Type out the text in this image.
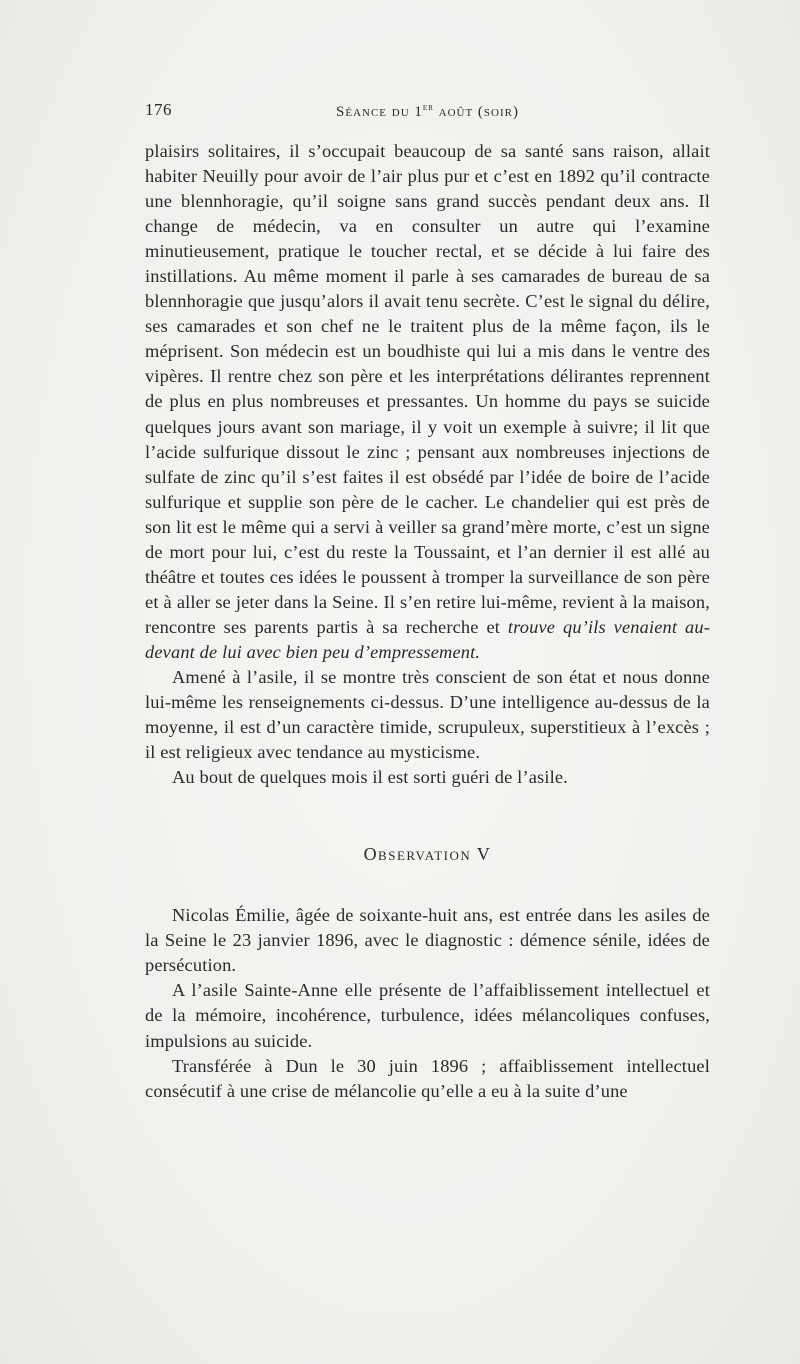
176	Séance du 1er août (soir)

plaisirs solitaires, il s’occupait beaucoup de sa santé sans raison, allait habiter Neuilly pour avoir de l’air plus pur et c’est en 1892 qu’il contracte une blennhoragie, qu’il soigne sans grand succès pendant deux ans. Il change de médecin, va en consulter un autre qui l’examine minutieusement, pratique le toucher rectal, et se décide à lui faire des instillations. Au même moment il parle à ses camarades de bureau de sa blennhoragie que jusqu’alors il avait tenu secrète. C’est le signal du délire, ses camarades et son chef ne le traitent plus de la même façon, ils le méprisent. Son médecin est un boudhiste qui lui a mis dans le ventre des vipères. Il rentre chez son père et les interprétations délirantes reprennent de plus en plus nombreuses et pressantes. Un homme du pays se suicide quelques jours avant son mariage, il y voit un exemple à suivre; il lit que l’acide sulfurique dissout le zinc ; pensant aux nombreuses injections de sulfate de zinc qu’il s’est faites il est obsédé par l’idée de boire de l’acide sulfurique et supplie son père de le cacher. Le chandelier qui est près de son lit est le même qui a servi à veiller sa grand’mère morte, c’est un signe de mort pour lui, c’est du reste la Toussaint, et l’an dernier il est allé au théâtre et toutes ces idées le poussent à tromper la surveillance de son père et à aller se jeter dans la Seine. Il s’en retire lui-même, revient à la maison, rencontre ses parents partis à sa recherche et trouve qu’ils venaient au-devant de lui avec bien peu d’empressement.

Amené à l’asile, il se montre très conscient de son état et nous donne lui-même les renseignements ci-dessus. D’une intelligence au-dessus de la moyenne, il est d’un caractère timide, scrupuleux, superstitieux à l’excès ; il est religieux avec tendance au mysticisme.

Au bout de quelques mois il est sorti guéri de l’asile.

Observation V

Nicolas Émilie, âgée de soixante-huit ans, est entrée dans les asiles de la Seine le 23 janvier 1896, avec le diagnostic : démence sénile, idées de persécution.

A l’asile Sainte-Anne elle présente de l’affaiblissement intellectuel et de la mémoire, incohérence, turbulence, idées mélancoliques confuses, impulsions au suicide.

Transférée à Dun le 30 juin 1896 ; affaiblissement intellectuel consécutif à une crise de mélancolie qu’elle a eu à la suite d’une
